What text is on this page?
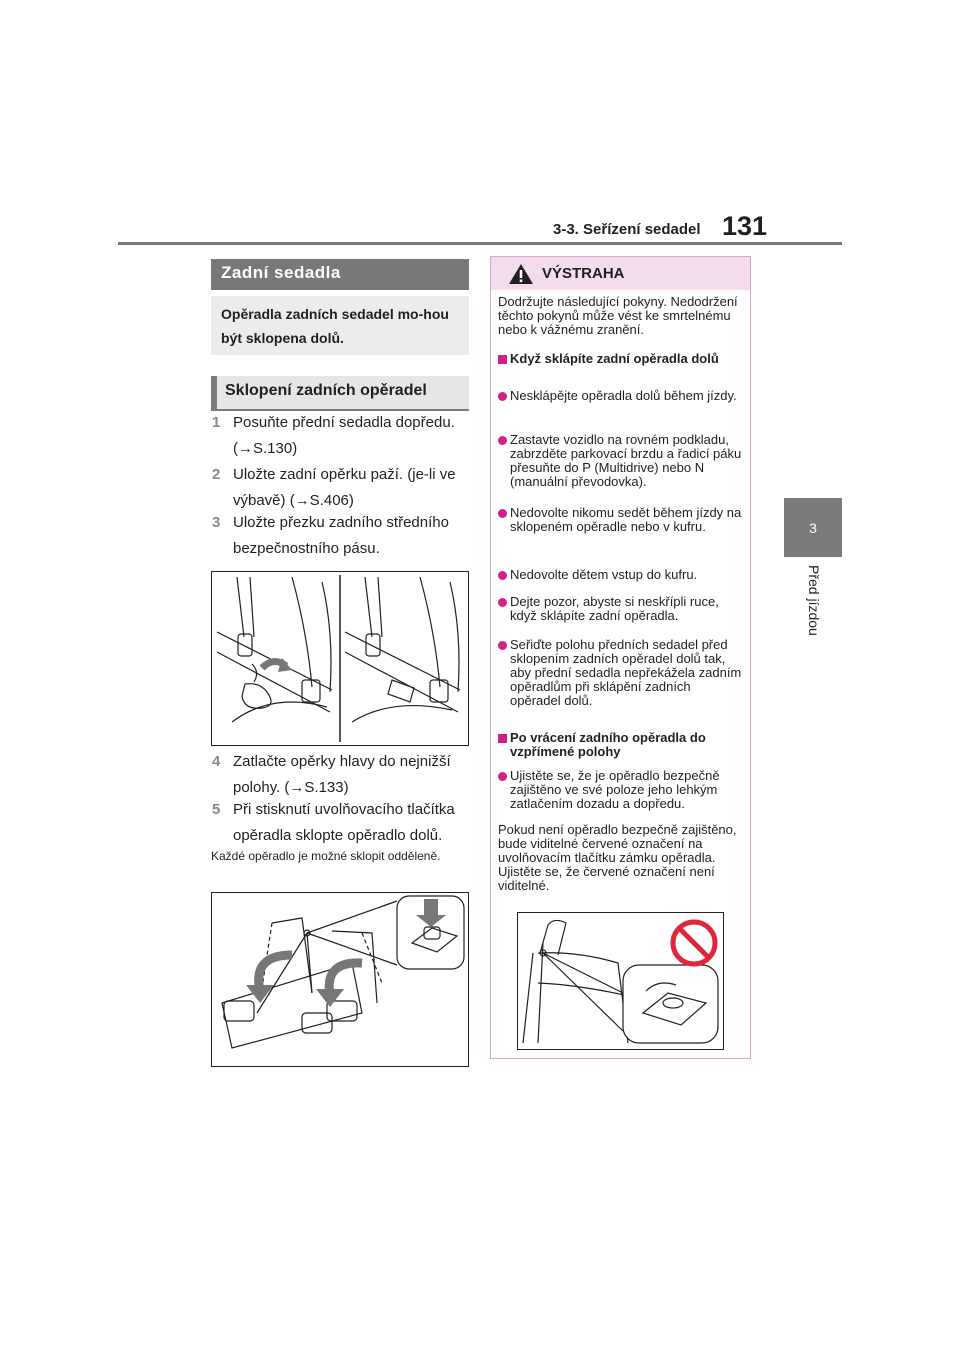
3-3. Seřízení sedadel 131
3
Před jízdou
Zadní sedadla
Opěradla zadních sedadel mo-hou být sklopena dolů.
Sklopení zadních opěradel
1 Posuňte přední sedadla dopředu. (→S.130)
2 Uložte zadní opěrku paží. (je-li ve výbavě) (→S.406)
3 Uložte přezku zadního středního bezpečnostního pásu.
4 Zatlačte opěrky hlavy do nejnižší polohy. (→S.133)
5 Při stisknutí uvolňovacího tlačítka opěradla sklopte opěradlo dolů.
Každé opěradlo je možné sklopit odděleně.
VÝSTRAHA
Dodržujte následující pokyny. Nedodržení těchto pokynů může vést ke smrtelnému nebo k vážnému zranění.
Když sklápíte zadní opěradla dolů
Nesklápějte opěradla dolů během jízdy.
Zastavte vozidlo na rovném podkladu, zabrzděte parkovací brzdu a řadicí páku přesuňte do P (Multidrive) nebo N (manuální převodovka).
Nedovolte nikomu sedět během jízdy na sklopeném opěradle nebo v kufru.
Nedovolte dětem vstup do kufru.
Dejte pozor, abyste si neskřípli ruce, když sklápíte zadní opěradla.
Seřiďte polohu předních sedadel před sklopením zadních opěradel dolů tak, aby přední sedadla nepřekážela zadním opěradlům při sklápění zadních opěradel dolů.
Po vrácení zadního opěradla do vzpřímené polohy
Ujistěte se, že je opěradlo bezpečně zajištěno ve své poloze jeho lehkým zatlačením dozadu a dopředu.
Pokud není opěradlo bezpečně zajištěno, bude viditelné červené označení na uvolňovacím tlačítku zámku opěradla. Ujistěte se, že červené označení není viditelné.
